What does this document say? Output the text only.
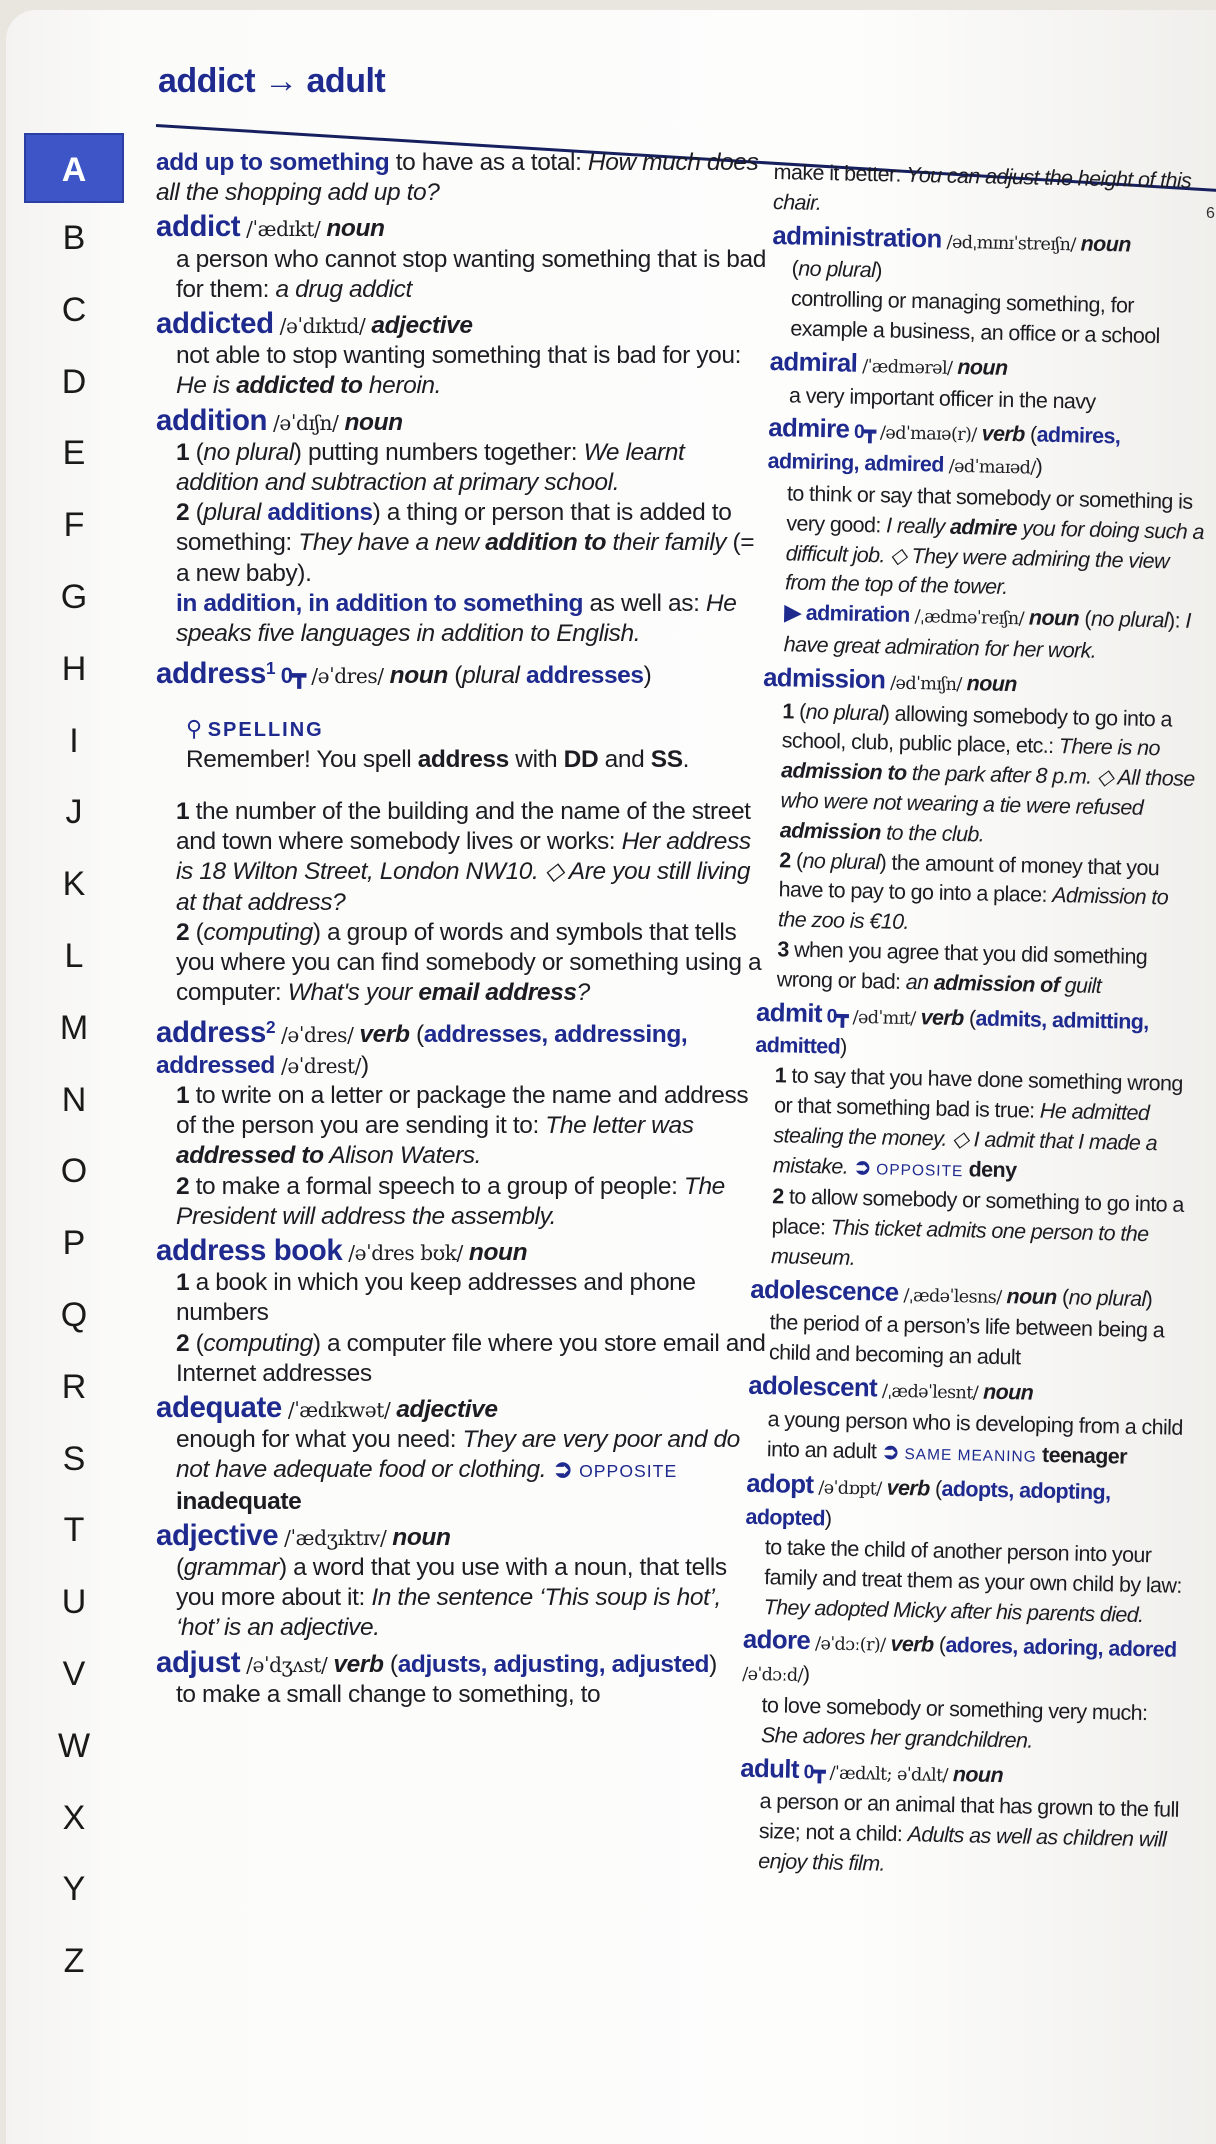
addict → adult
6
A
B
C
D
E
F
G
H
I
J
K
L
M
N
O
P
Q
R
S
T
U
V
W
X
Y
Z
add up to something to have as a total: How much does all the shopping add up to?
addict /ˈædɪkt/ noun
a person who cannot stop wanting something that is bad for them: a drug addict
addicted /əˈdɪktɪd/ adjective
not able to stop wanting something that is bad for you: He is addicted to heroin.
addition /əˈdɪʃn/ noun
1 (no plural) putting numbers together: We learnt addition and subtraction at primary school.
2 (plural additions) a thing or person that is added to something: They have a new addition to their family (= a new baby).
in addition, in addition to something as well as: He speaks five languages in addition to English.
address$^1$ 0┳ /əˈdres/ noun (plural addresses)
⚲ SPELLING
Remember! You spell address with DD and SS.
1 the number of the building and the name of the street and town where somebody lives or works: Her address is 18 Wilton Street, London NW10. ◇ Are you still living at that address?
2 (computing) a group of words and symbols that tells you where you can find somebody or something using a computer: What's your email address?
address$^2$ /əˈdres/ verb (addresses, addressing, addressed /əˈdrest/)
1 to write on a letter or package the name and address of the person you are sending it to: The letter was addressed to Alison Waters.
2 to make a formal speech to a group of people: The President will address the assembly.
address book /əˈdres bʊk/ noun
1 a book in which you keep addresses and phone numbers
2 (computing) a computer file where you store email and Internet addresses
adequate /ˈædɪkwət/ adjective
enough for what you need: They are very poor and do not have adequate food or clothing. ➲ OPPOSITE inadequate
adjective /ˈædʒɪktɪv/ noun
(grammar) a word that you use with a noun, that tells you more about it: In the sentence ‘This soup is hot’, ‘hot’ is an adjective.
adjust /əˈdʒʌst/ verb (adjusts, adjusting, adjusted)
to make a small change to something, to
make it better: You can adjust the height of this chair.
administration /ədˌmɪnɪˈstreɪʃn/ noun
(no plural)
controlling or managing something, for example a business, an office or a school
admiral /ˈædmərəl/ noun
a very important officer in the navy
admire 0┳ /ədˈmaɪə(r)/ verb (admires, admiring, admired /ədˈmaɪəd/)
to think or say that somebody or something is very good: I really admire you for doing such a difficult job. ◇ They were admiring the view from the top of the tower.
▶ admiration /ˌædməˈreɪʃn/ noun (no plural): I have great admiration for her work.
admission /ədˈmɪʃn/ noun
1 (no plural) allowing somebody to go into a school, club, public place, etc.: There is no admission to the park after 8 p.m. ◇ All those who were not wearing a tie were refused admission to the club.
2 (no plural) the amount of money that you have to pay to go into a place: Admission to the zoo is €10.
3 when you agree that you did something wrong or bad: an admission of guilt
admit 0┳ /ədˈmɪt/ verb (admits, admitting, admitted)
1 to say that you have done something wrong or that something bad is true: He admitted stealing the money. ◇ I admit that I made a mistake. ➲ OPPOSITE deny
2 to allow somebody or something to go into a place: This ticket admits one person to the museum.
adolescence /ˌædəˈlesns/ noun (no plural)
the period of a person’s life between being a child and becoming an adult
adolescent /ˌædəˈlesnt/ noun
a young person who is developing from a child into an adult ➲ SAME MEANING teenager
adopt /əˈdɒpt/ verb (adopts, adopting, adopted)
to take the child of another person into your family and treat them as your own child by law: They adopted Micky after his parents died.
adore /əˈdɔː(r)/ verb (adores, adoring, adored /əˈdɔːd/)
to love somebody or something very much: She adores her grandchildren.
adult 0┳ /ˈædʌlt; əˈdʌlt/ noun
a person or an animal that has grown to the full size; not a child: Adults as well as children will enjoy this film.
